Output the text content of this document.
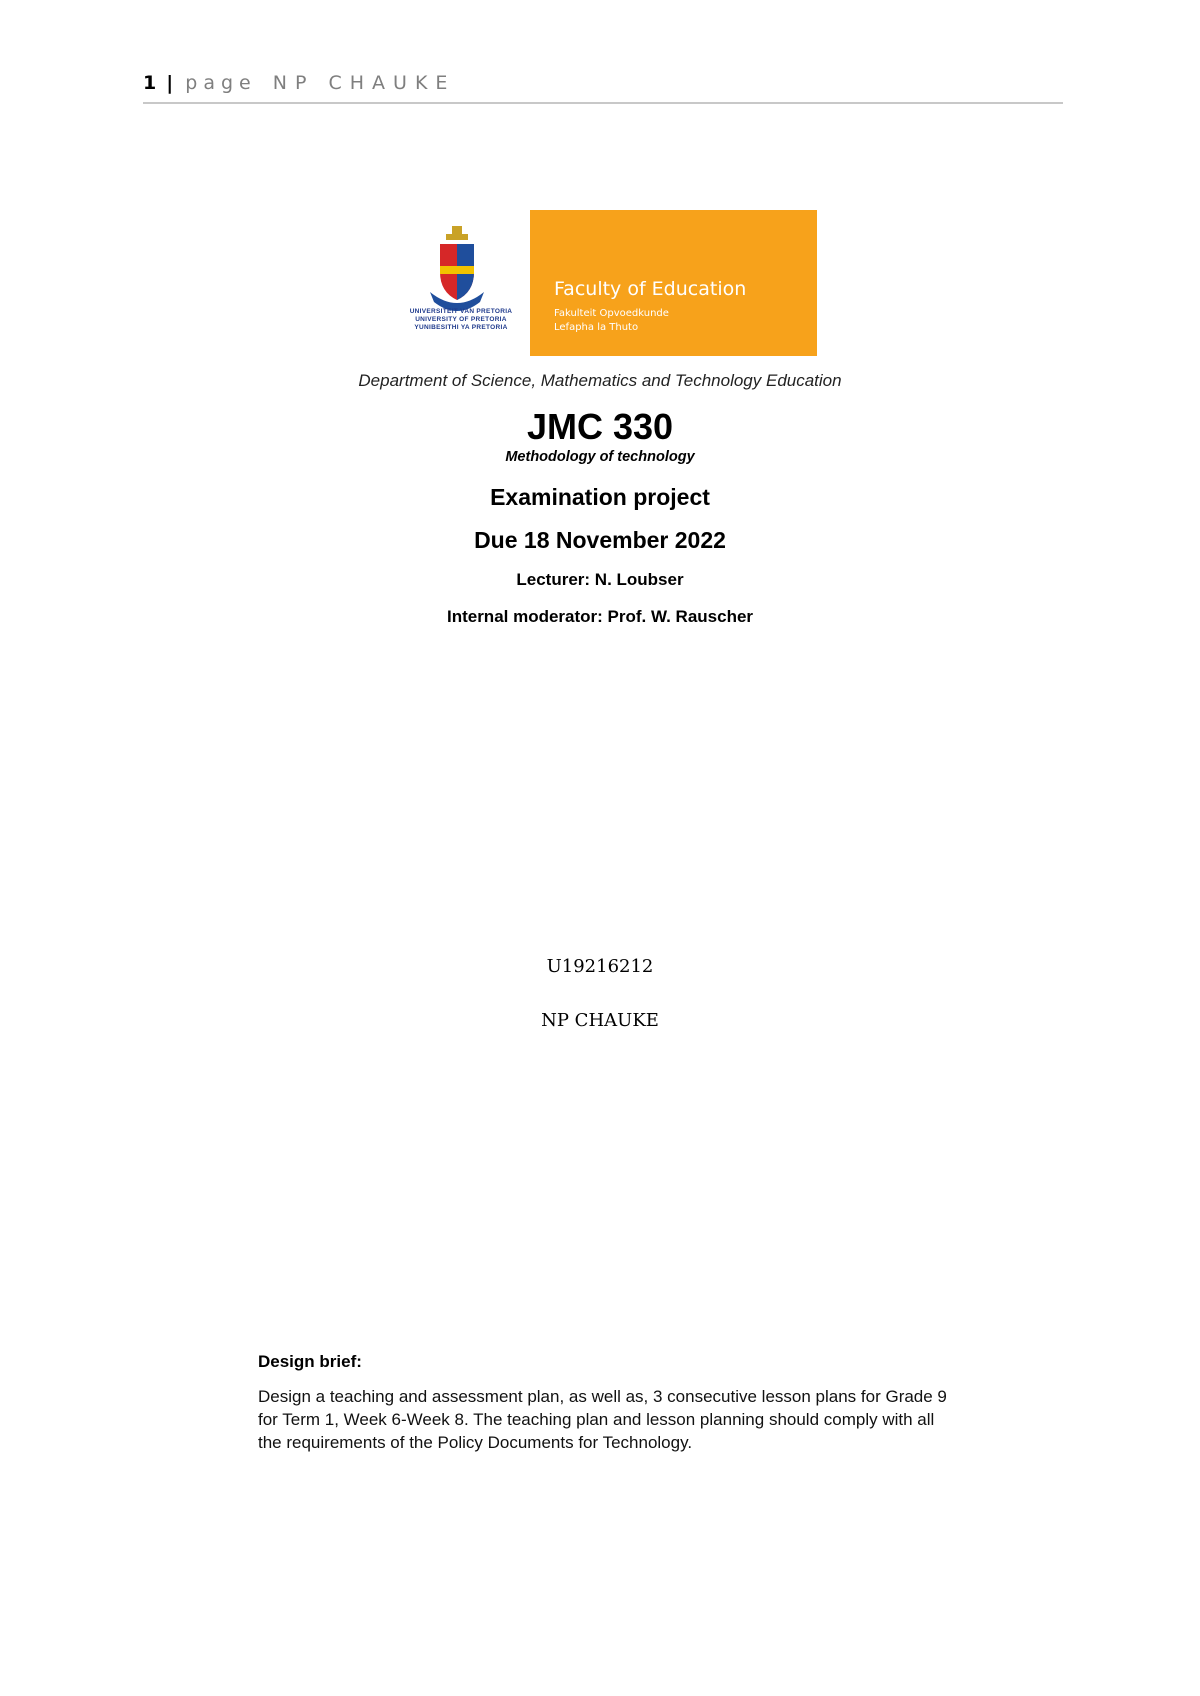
1 | page NP CHAUKE
UNIVERSITEIT VAN PRETORIA
UNIVERSITY OF PRETORIA
YUNIBESITHI YA PRETORIA
Faculty of Education
Fakulteit Opvoedkunde
Lefapha la Thuto
Department of Science, Mathematics and Technology Education
JMC 330
Methodology of technology
Examination project
Due 18 November 2022
Lecturer: N. Loubser
Internal moderator: Prof. W. Rauscher
U19216212
NP CHAUKE
Design brief:
Design a teaching and assessment plan, as well as, 3 consecutive lesson plans for Grade 9 for Term 1, Week 6-Week 8. The teaching plan and lesson planning should comply with all the requirements of the Policy Documents for Technology.
